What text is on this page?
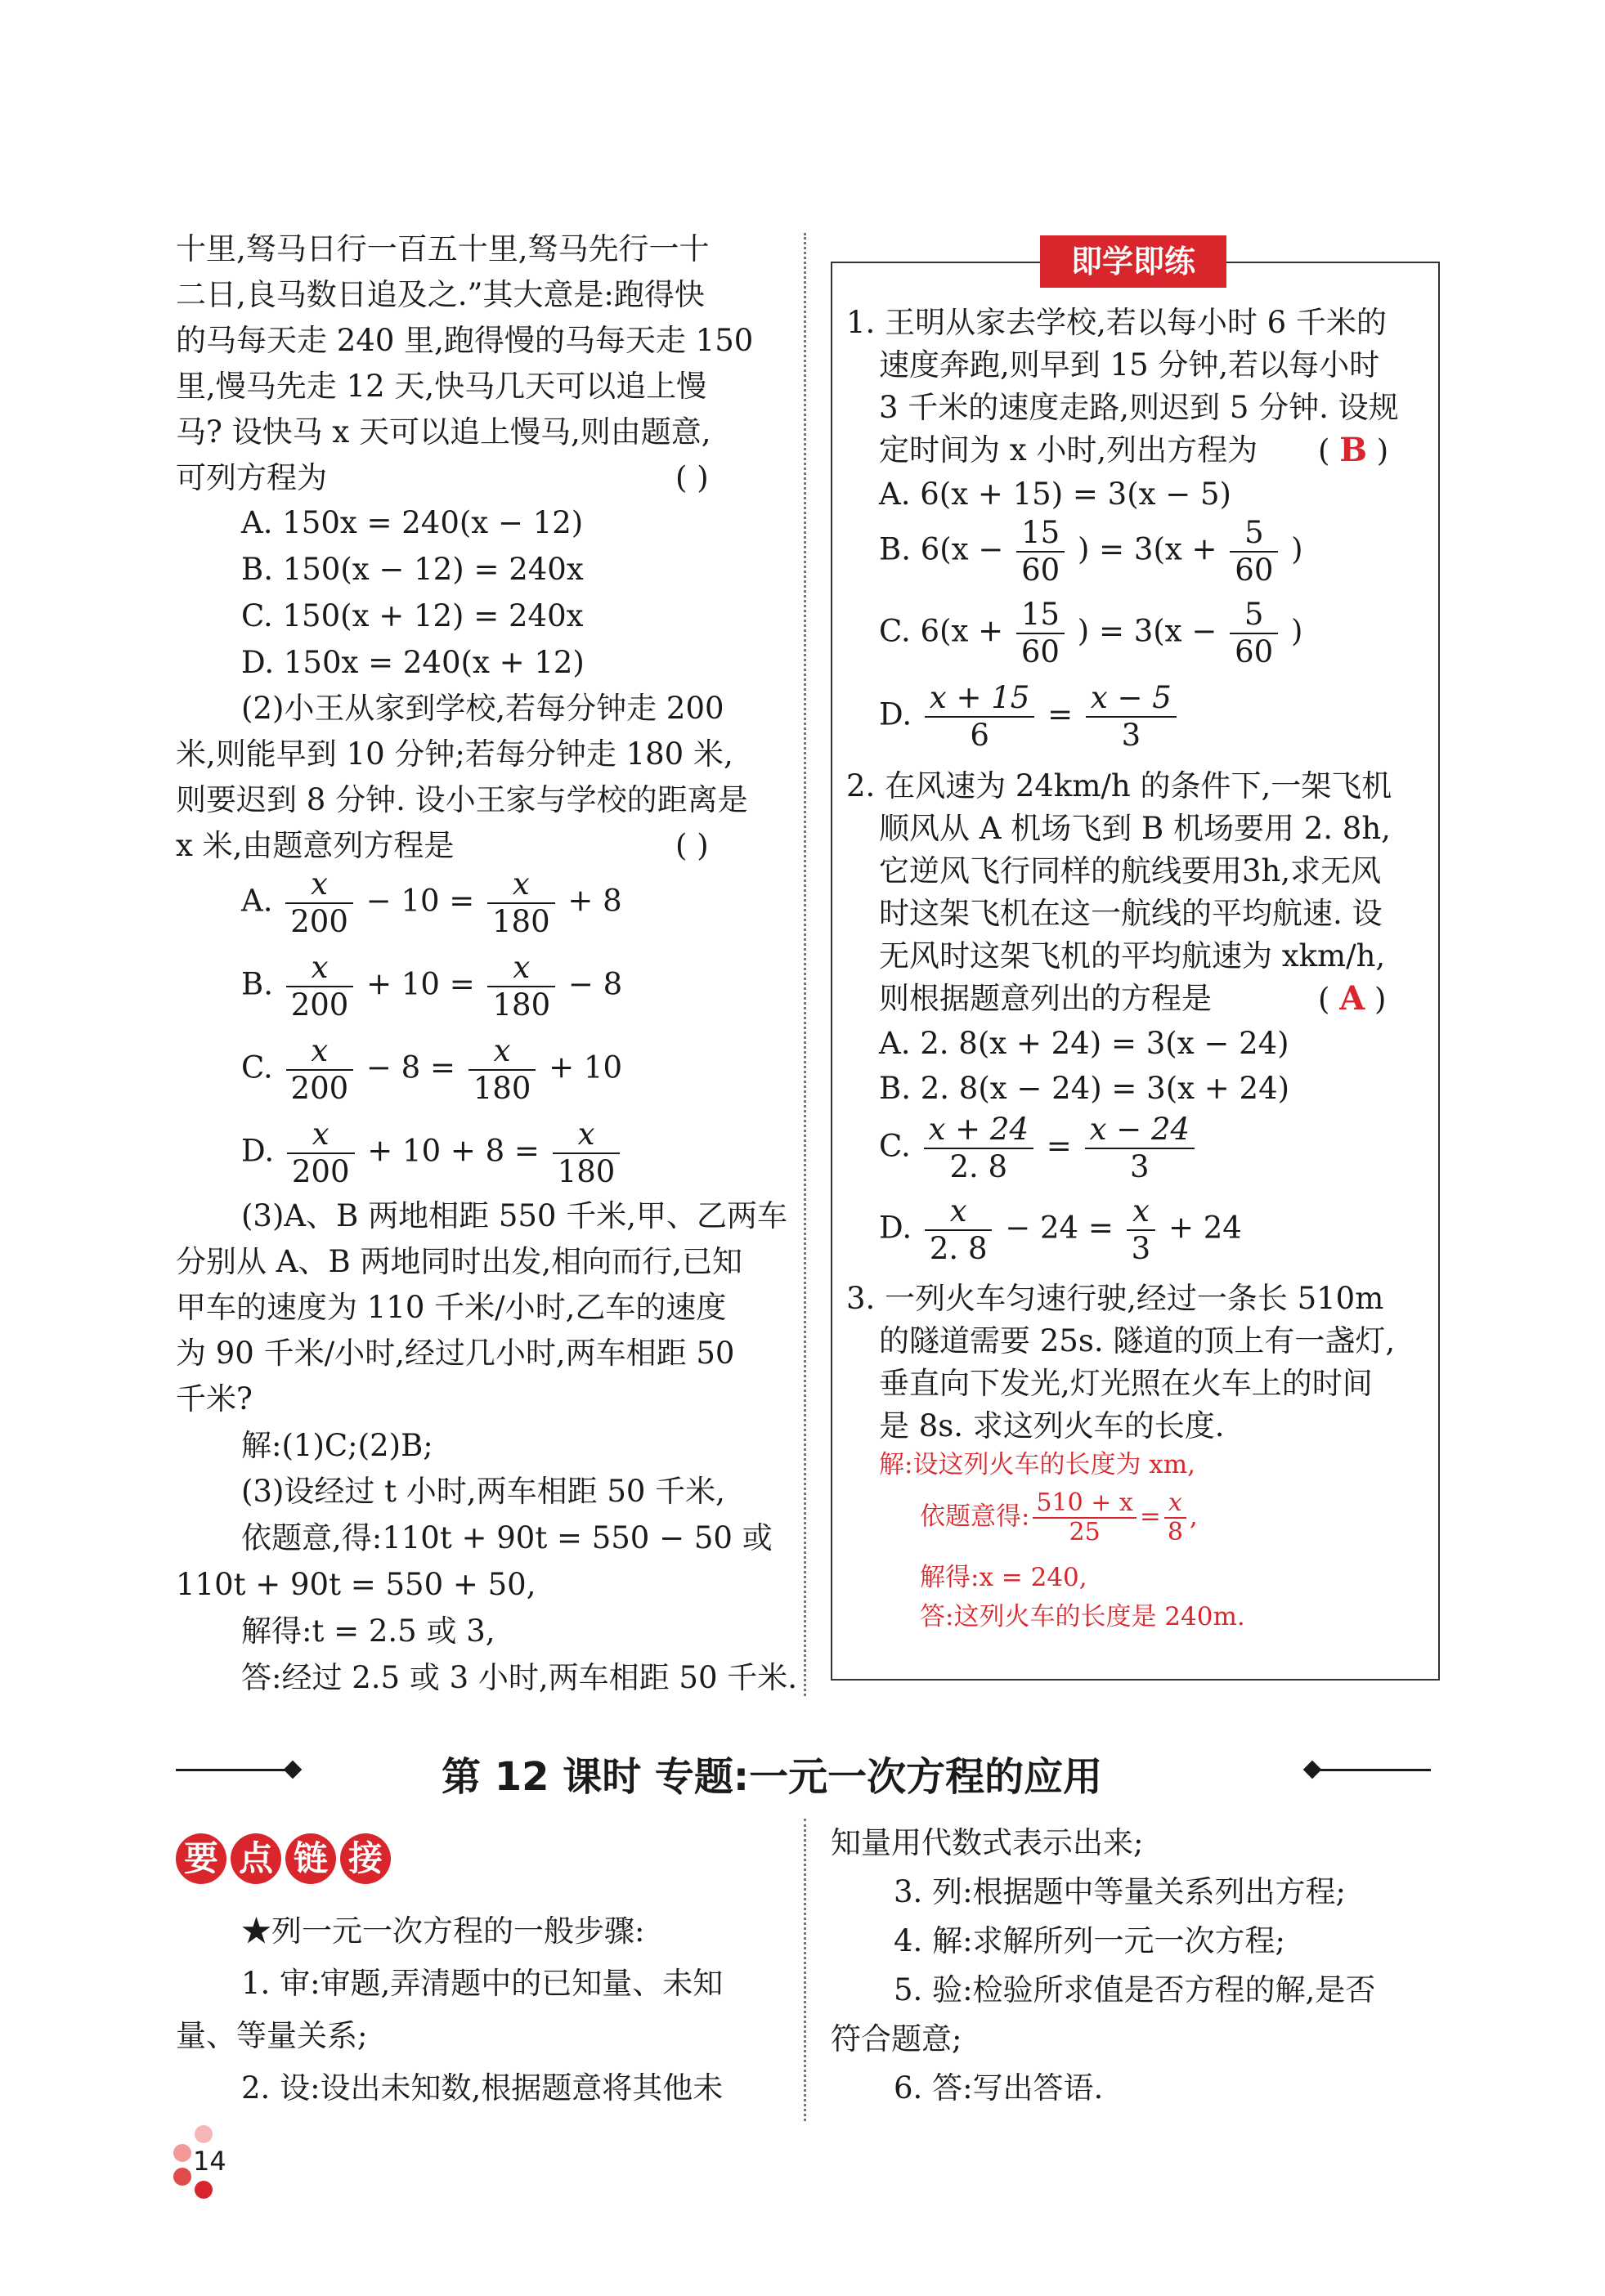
十里,驽马日行一百五十里,驽马先行一十
二日,良马数日追及之.”其大意是:跑得快
的马每天走 240 里,跑得慢的马每天走 150
里,慢马先走 12 天,快马几天可以追上慢
马? 设快马 x 天可以追上慢马,则由题意,
可列方程为	( )
A. 150x = 240(x − 12)
B. 150(x − 12) = 240x
C. 150(x + 12) = 240x
D. 150x = 240(x + 12)
(2)小王从家到学校,若每分钟走 200
米,则能早到 10 分钟;若每分钟走 180 米,
则要迟到 8 分钟. 设小王家与学校的距离是
x 米,由题意列方程是	( )
A. $\frac{x}{200} - 10 = \frac{x}{180} + 8$
B. $\frac{x}{200} + 10 = \frac{x}{180} - 8$
C. $\frac{x}{200} - 8 = \frac{x}{180} + 10$
D. $\frac{x}{200} + 10 + 8 = \frac{x}{180}$
(3)A、B 两地相距 550 千米,甲、乙两车
分别从 A、B 两地同时出发,相向而行,已知
甲车的速度为 110 千米/小时,乙车的速度
为 90 千米/小时,经过几小时,两车相距 50
千米?
解:(1)C;(2)B;
(3)设经过 t 小时,两车相距 50 千米,
依题意,得:110t + 90t = 550 − 50 或
110t + 90t = 550 + 50,
解得:t = 2.5 或 3,
答:经过 2.5 或 3 小时,两车相距 50 千米.
即学即练
1. 王明从家去学校,若以每小时 6 千米的
速度奔跑,则早到 15 分钟,若以每小时
3 千米的速度走路,则迟到 5 分钟. 设规
定时间为 x 小时,列出方程为 ( B )
A. 6(x + 15) = 3(x − 5)
B. $6(x - \frac{15}{60}$ ) = $3(x + \frac{5}{60}$ )
C. $6(x + \frac{15}{60}$ ) = $3(x - \frac{5}{60}$ )
D. $\frac{x + 15}{6} = \frac{x - 5}{3}$
2. 在风速为 24km/h 的条件下,一架飞机
顺风从 A 机场飞到 B 机场要用 2. 8h,
它逆风飞行同样的航线要用3h,求无风
时这架飞机在这一航线的平均航速. 设
无风时这架飞机的平均航速为 xkm/h,
则根据题意列出的方程是	( A )
A. 2. 8(x + 24) = 3(x − 24)
B. 2. 8(x − 24) = 3(x + 24)
C. $\frac{x + 24}{2. 8} = \frac{x - 24}{3}$
D. $\frac{x}{2. 8} - 24 = \frac{x}{3} + 24$
3. 一列火车匀速行驶,经过一条长 510m
的隧道需要 25s. 隧道的顶上有一盏灯,
垂直向下发光,灯光照在火车上的时间
是 8s. 求这列火车的长度.
解:设这列火车的长度为 xm,
依题意得: $\frac{510 + x}{25} = \frac{x}{8}$ ,
解得:x = 240,
答:这列火车的长度是 240m.
第 12 课时 专题:一元一次方程的应用
要 点 链 接
★列一元一次方程的一般步骤:
1. 审:审题,弄清题中的已知量、未知
量、等量关系;
2. 设:设出未知数,根据题意将其他未
知量用代数式表示出来;
3. 列:根据题中等量关系列出方程;
4. 解:求解所列一元一次方程;
5. 验:检验所求值是否方程的解,是否
符合题意;
6. 答:写出答语.
14
